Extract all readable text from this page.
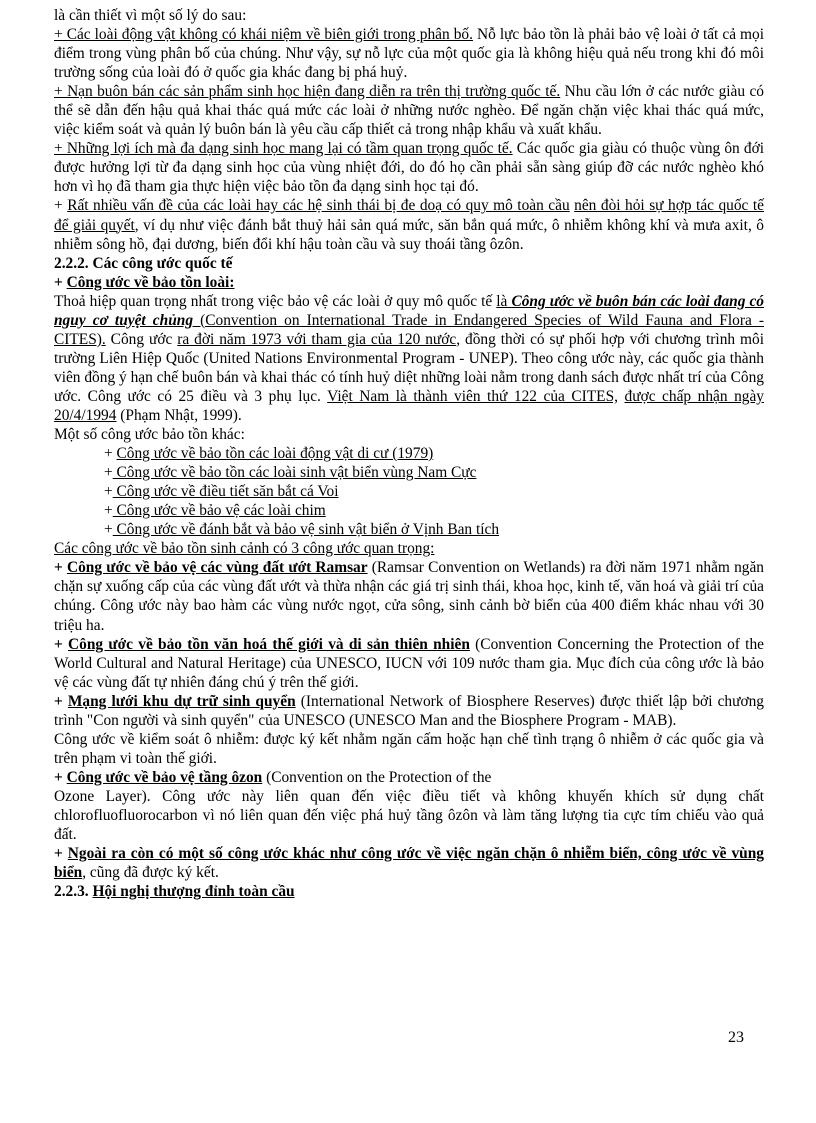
là cần thiết vì một số lý do sau:

+ Các loài động vật không có khái niệm về biên giới trong phân bố. Nỗ lực bảo tồn là phải bảo vệ loài ở tất cả mọi điểm trong vùng phân bố của chúng. Như vậy, sự nỗ lực của một quốc gia là không hiệu quả nếu trong khi đó môi trường sống của loài đó ở quốc gia khác đang bị phá huỷ.

+ Nạn buôn bán các sản phẩm sinh học hiện đang diễn ra trên thị trường quốc tế. Nhu cầu lớn ở các nước giàu có thể sẽ dẫn đến hậu quả khai thác quá mức các loài ở những nước nghèo. Để ngăn chặn việc khai thác quá mức, việc kiểm soát và quản lý buôn bán là yêu cầu cấp thiết cả trong nhập khẩu và xuất khẩu.

+ Những lợi ích mà đa dạng sinh học mang lại có tầm quan trọng quốc tế. Các quốc gia giàu có thuộc vùng ôn đới được hưởng lợi từ đa dạng sinh học của vùng nhiệt đới, do đó họ cần phải sẵn sàng giúp đỡ các nước nghèo khó hơn vì họ đã tham gia thực hiện việc bảo tồn đa dạng sinh học tại đó.

+ Rất nhiều vấn đề của các loài hay các hệ sinh thái bị đe doạ có quy mô toàn cầu nên đòi hỏi sự hợp tác quốc tế để giải quyết, ví dụ như việc đánh bắt thuỷ hải sản quá mức, săn bắn quá mức, ô nhiễm không khí và mưa axit, ô nhiễm sông hồ, đại dương, biến đổi khí hậu toàn cầu và suy thoái tầng ôzôn.

2.2.2. Các công ước quốc tế

+ Công ước về bảo tồn loài:

Thoả hiệp quan trọng nhất trong việc bảo vệ các loài ở quy mô quốc tế là Công ước về buôn bán các loài đang có nguy cơ tuyệt chủng (Convention on International Trade in Endangered Species of Wild Fauna and Flora - CITES). Công ước ra đời năm 1973 với tham gia của 120 nước, đồng thời có sự phối hợp với chương trình môi trường Liên Hiệp Quốc (United Nations Environmental Program - UNEP). Theo công ước này, các quốc gia thành viên đồng ý hạn chế buôn bán và khai thác có tính huỷ diệt những loài nằm trong danh sách được nhất trí của Công ước. Công ước có 25 điều và 3 phụ lục. Việt Nam là thành viên thứ 122 của CITES, được chấp nhận ngày 20/4/1994 (Phạm Nhật, 1999).

Một số công ước bảo tồn khác:

+ Công ước về bảo tồn các loài động vật di cư (1979)

+ Công ước về bảo tồn các loài sinh vật biển vùng Nam Cực

+ Công ước về điều tiết săn bắt cá Voi

+ Công ước về bảo vệ các loài chim

+ Công ước về đánh bắt và bảo vệ sinh vật biển ở Vịnh Ban tích

Các công ước về bảo tồn sinh cảnh có 3 công ước quan trọng:

+ Công ước về bảo vệ các vùng đất ướt Ramsar (Ramsar Convention on Wetlands) ra đời năm 1971 nhằm ngăn chặn sự xuống cấp của các vùng đất ướt và thừa nhận các giá trị sinh thái, khoa học, kinh tế, văn hoá và giải trí của chúng. Công ước này bao hàm các vùng nước ngọt, cửa sông, sinh cảnh bờ biển của 400 điểm khác nhau với 30 triệu ha.

+ Công ước về bảo tồn văn hoá thế giới và di sản thiên nhiên (Convention Concerning the Protection of the World Cultural and Natural Heritage) của UNESCO, IUCN với 109 nước tham gia. Mục đích của công ước là bảo vệ các vùng đất tự nhiên đáng chú ý trên thế giới.

+ Mạng lưới khu dự trữ sinh quyển (International Network of Biosphere Reserves) được thiết lập bởi chương trình "Con người và sinh quyển" của UNESCO (UNESCO Man and the Biosphere Program - MAB).

Công ước về kiểm soát ô nhiễm: được ký kết nhằm ngăn cấm hoặc hạn chế tình trạng ô nhiễm ở các quốc gia và trên phạm vi toàn thế giới.

+ Công ước về bảo vệ tầng ôzon (Convention on the Protection of the

Ozone Layer). Công ước này liên quan đến việc điều tiết và không khuyến khích sử dụng chất chlorofluofluorocarbon vì nó liên quan đến việc phá huỷ tầng ôzôn và làm tăng lượng tia cực tím chiếu vào quả đất.

+ Ngoài ra còn có một số công ước khác như công ước về việc ngăn chặn ô nhiễm biển, công ước về vùng biển, cũng đã được ký kết.

2.2.3. Hội nghị thượng đỉnh toàn cầu

23
